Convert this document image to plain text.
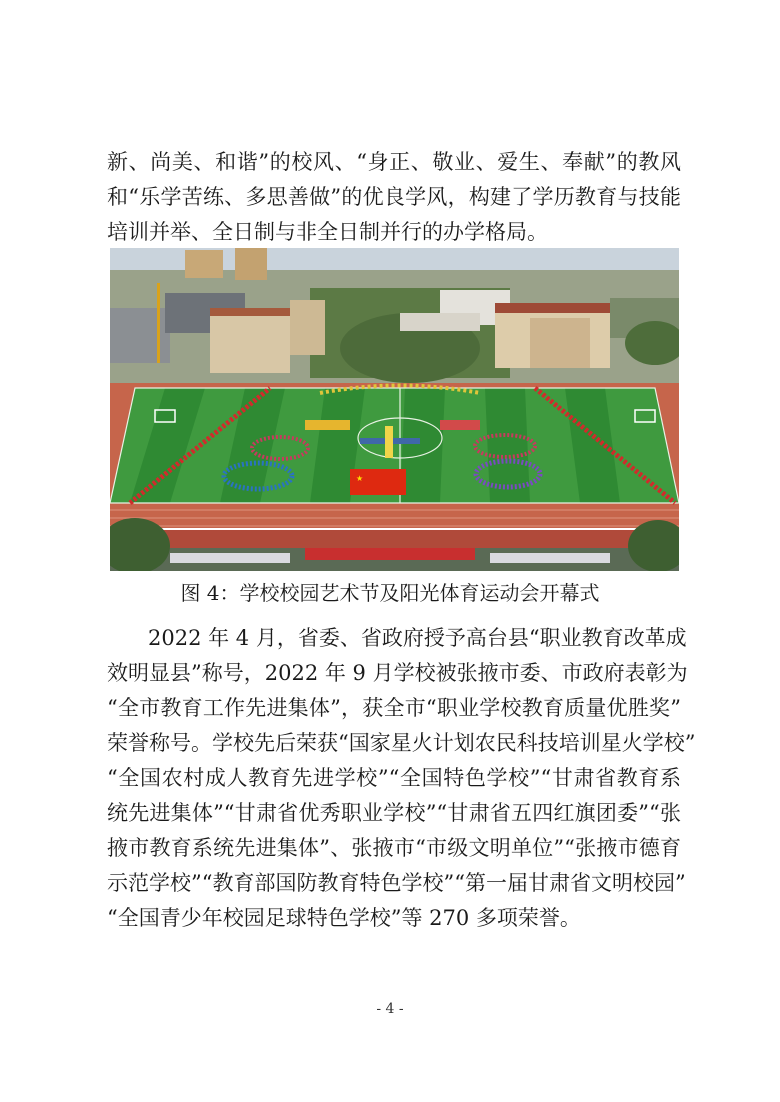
新、尚美、和谐”的校风、“身正、敬业、爱生、奉献”的教风
和“乐学苦练、多思善做”的优良学风，构建了学历教育与技能
培训并举、全日制与非全日制并行的办学格局。
★
图 4：学校校园艺术节及阳光体育运动会开幕式
2022 年 4 月，省委、省政府授予高台县“职业教育改革成
效明显县”称号，2022 年 9 月学校被张掖市委、市政府表彰为
“全市教育工作先进集体”，获全市“职业学校教育质量优胜奖”
荣誉称号。学校先后荣获“国家星火计划农民科技培训星火学校”
“全国农村成人教育先进学校”“全国特色学校”“甘肃省教育系
统先进集体”“甘肃省优秀职业学校”“甘肃省五四红旗团委”“张
掖市教育系统先进集体”、张掖市“市级文明单位”“张掖市德育
示范学校”“教育部国防教育特色学校”“第一届甘肃省文明校园”
“全国青少年校园足球特色学校”等 270 多项荣誉。
- 4 -
